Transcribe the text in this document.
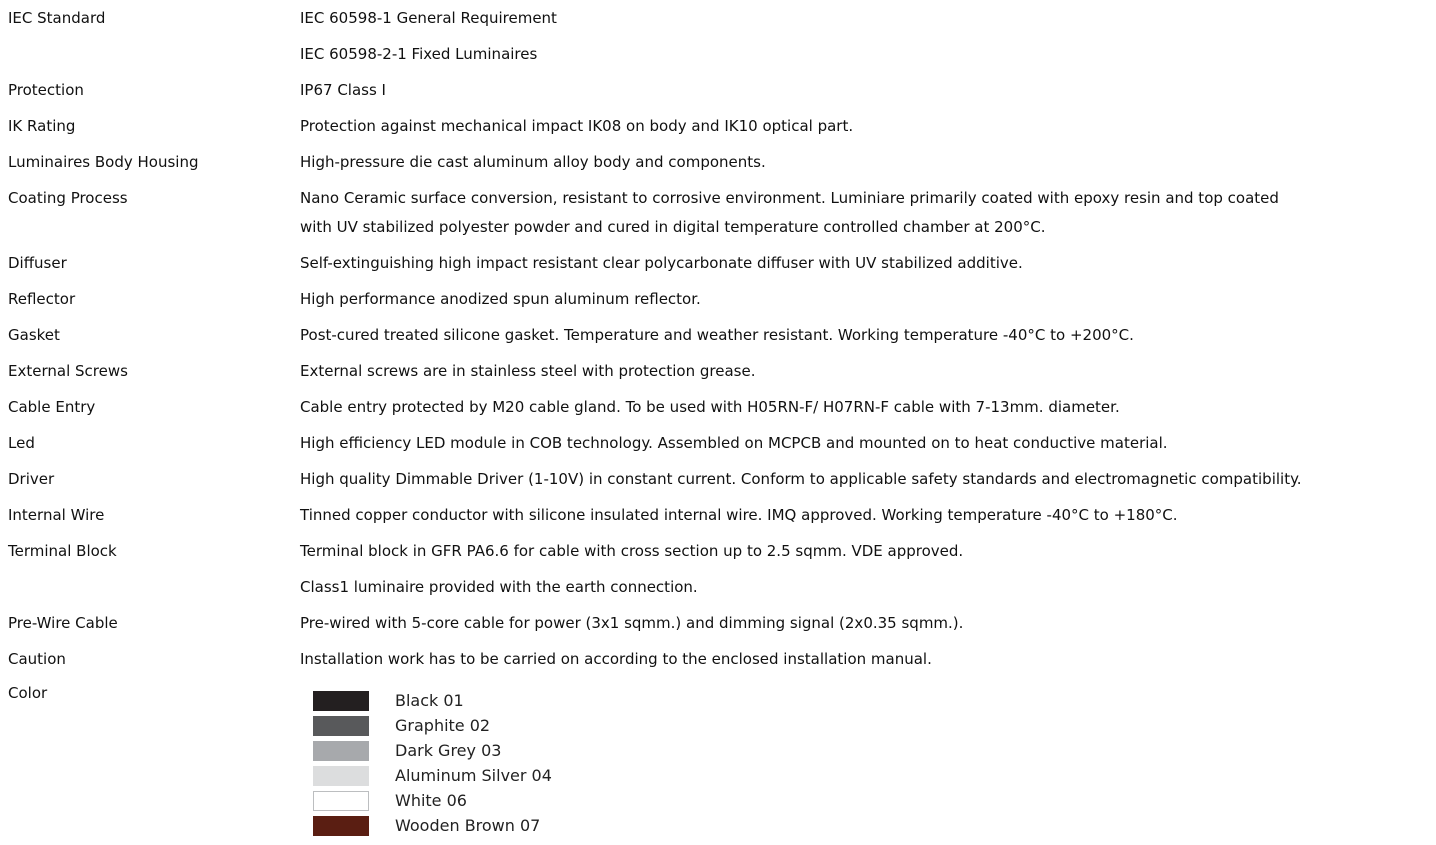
IEC Standard	IEC 60598-1 General Requirement
IEC 60598-2-1 Fixed Luminaires
Protection	IP67 Class I
IK Rating	Protection against mechanical impact IK08 on body and IK10 optical part.
Luminaires Body Housing	High-pressure die cast aluminum alloy body and components.
Coating Process	Nano Ceramic surface conversion, resistant to corrosive environment. Luminiare primarily coated with epoxy resin and top coated
with UV stabilized polyester powder and cured in digital temperature controlled chamber at 200°C.
Diffuser	Self-extinguishing high impact resistant clear polycarbonate diffuser with UV stabilized additive.
Reflector	High performance anodized spun aluminum reflector.
Gasket	Post-cured treated silicone gasket. Temperature and weather resistant. Working temperature -40°C to +200°C.
External Screws	External screws are in stainless steel with protection grease.
Cable Entry	Cable entry protected by M20 cable gland. To be used with H05RN-F/ H07RN-F cable with 7-13mm. diameter.
Led	High efficiency LED module in COB technology. Assembled on MCPCB and mounted on to heat conductive material.
Driver	High quality Dimmable Driver (1-10V) in constant current. Conform to applicable safety standards and electromagnetic compatibility.
Internal Wire	Tinned copper conductor with silicone insulated internal wire. IMQ approved. Working temperature -40°C to +180°C.
Terminal Block	Terminal block in GFR PA6.6 for cable with cross section up to 2.5 sqmm. VDE approved.
Class1 luminaire provided with the earth connection.
Pre-Wire Cable	Pre-wired with 5-core cable for power (3x1 sqmm.) and dimming signal (2x0.35 sqmm.).
Caution	Installation work has to be carried on according to the enclosed installation manual.
Color	Black 01
Graphite 02
Dark Grey 03
Aluminum Silver 04
White 06
Wooden Brown 07
